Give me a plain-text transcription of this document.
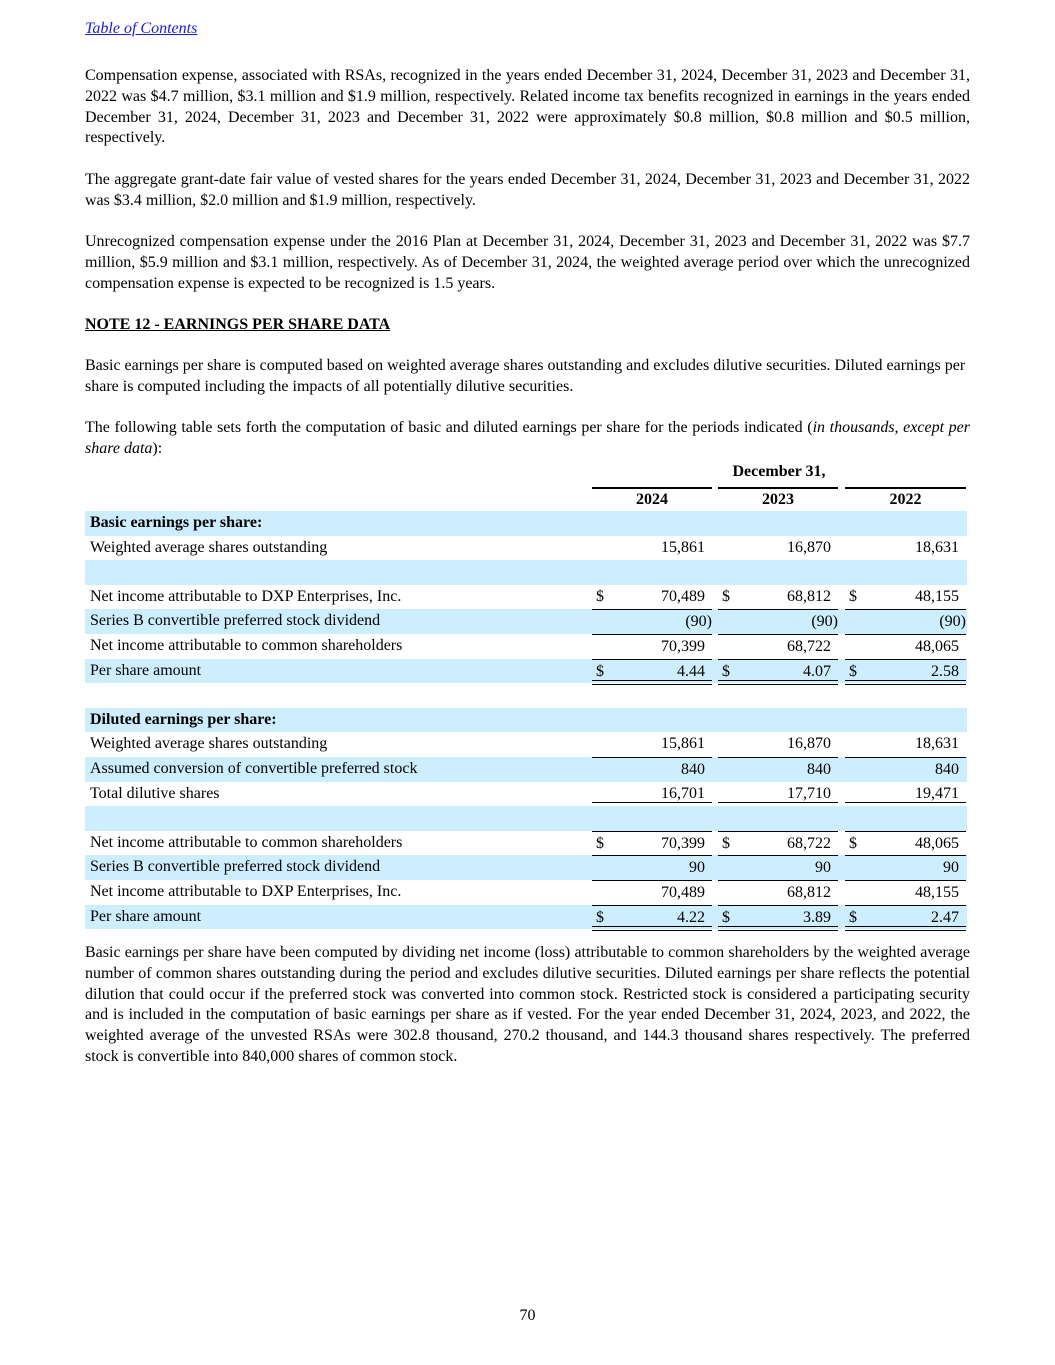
Table of Contents

Compensation expense, associated with RSAs, recognized in the years ended December 31, 2024, December 31, 2023 and December 31, 2022 was $4.7 million, $3.1 million and $1.9 million, respectively. Related income tax benefits recognized in earnings in the years ended December 31, 2024, December 31, 2023 and December 31, 2022 were approximately $0.8 million, $0.8 million and $0.5 million, respectively.

The aggregate grant-date fair value of vested shares for the years ended December 31, 2024, December 31, 2023 and December 31, 2022 was $3.4 million, $2.0 million and $1.9 million, respectively.

Unrecognized compensation expense under the 2016 Plan at December 31, 2024, December 31, 2023 and December 31, 2022 was $7.7 million, $5.9 million and $3.1 million, respectively. As of December 31, 2024, the weighted average period over which the unrecognized compensation expense is expected to be recognized is 1.5 years.

NOTE 12 - EARNINGS PER SHARE DATA

Basic earnings per share is computed based on weighted average shares outstanding and excludes dilutive securities. Diluted earnings per share is computed including the impacts of all potentially dilutive securities.

The following table sets forth the computation of basic and diluted earnings per share for the periods indicated (in thousands, except per share data):

December 31,
2024	2023	2022
Basic earnings per share:
Weighted average shares outstanding	15,861	16,870	18,631
Net income attributable to DXP Enterprises, Inc.	$	70,489 $	68,812 $	48,155
Series B convertible preferred stock dividend	(90)	(90)	(90)
Net income attributable to common shareholders	70,399	68,722	48,065
Per share amount	$	4.44 $	4.07 $	2.58
Diluted earnings per share:
Weighted average shares outstanding	15,861	16,870	18,631
Assumed conversion of convertible preferred stock	840	840	840
Total dilutive shares	16,701	17,710	19,471
Net income attributable to common shareholders	$	70,399 $	68,722 $	48,065
Series B convertible preferred stock dividend	90	90	90
Net income attributable to DXP Enterprises, Inc.	70,489	68,812	48,155
Per share amount	$	4.22 $	3.89 $	2.47

Basic earnings per share have been computed by dividing net income (loss) attributable to common shareholders by the weighted average number of common shares outstanding during the period and excludes dilutive securities. Diluted earnings per share reflects the potential dilution that could occur if the preferred stock was converted into common stock. Restricted stock is considered a participating security and is included in the computation of basic earnings per share as if vested. For the year ended December 31, 2024, 2023, and 2022, the weighted average of the unvested RSAs were 302.8 thousand, 270.2 thousand, and 144.3 thousand shares respectively. The preferred stock is convertible into 840,000 shares of common stock.

70
